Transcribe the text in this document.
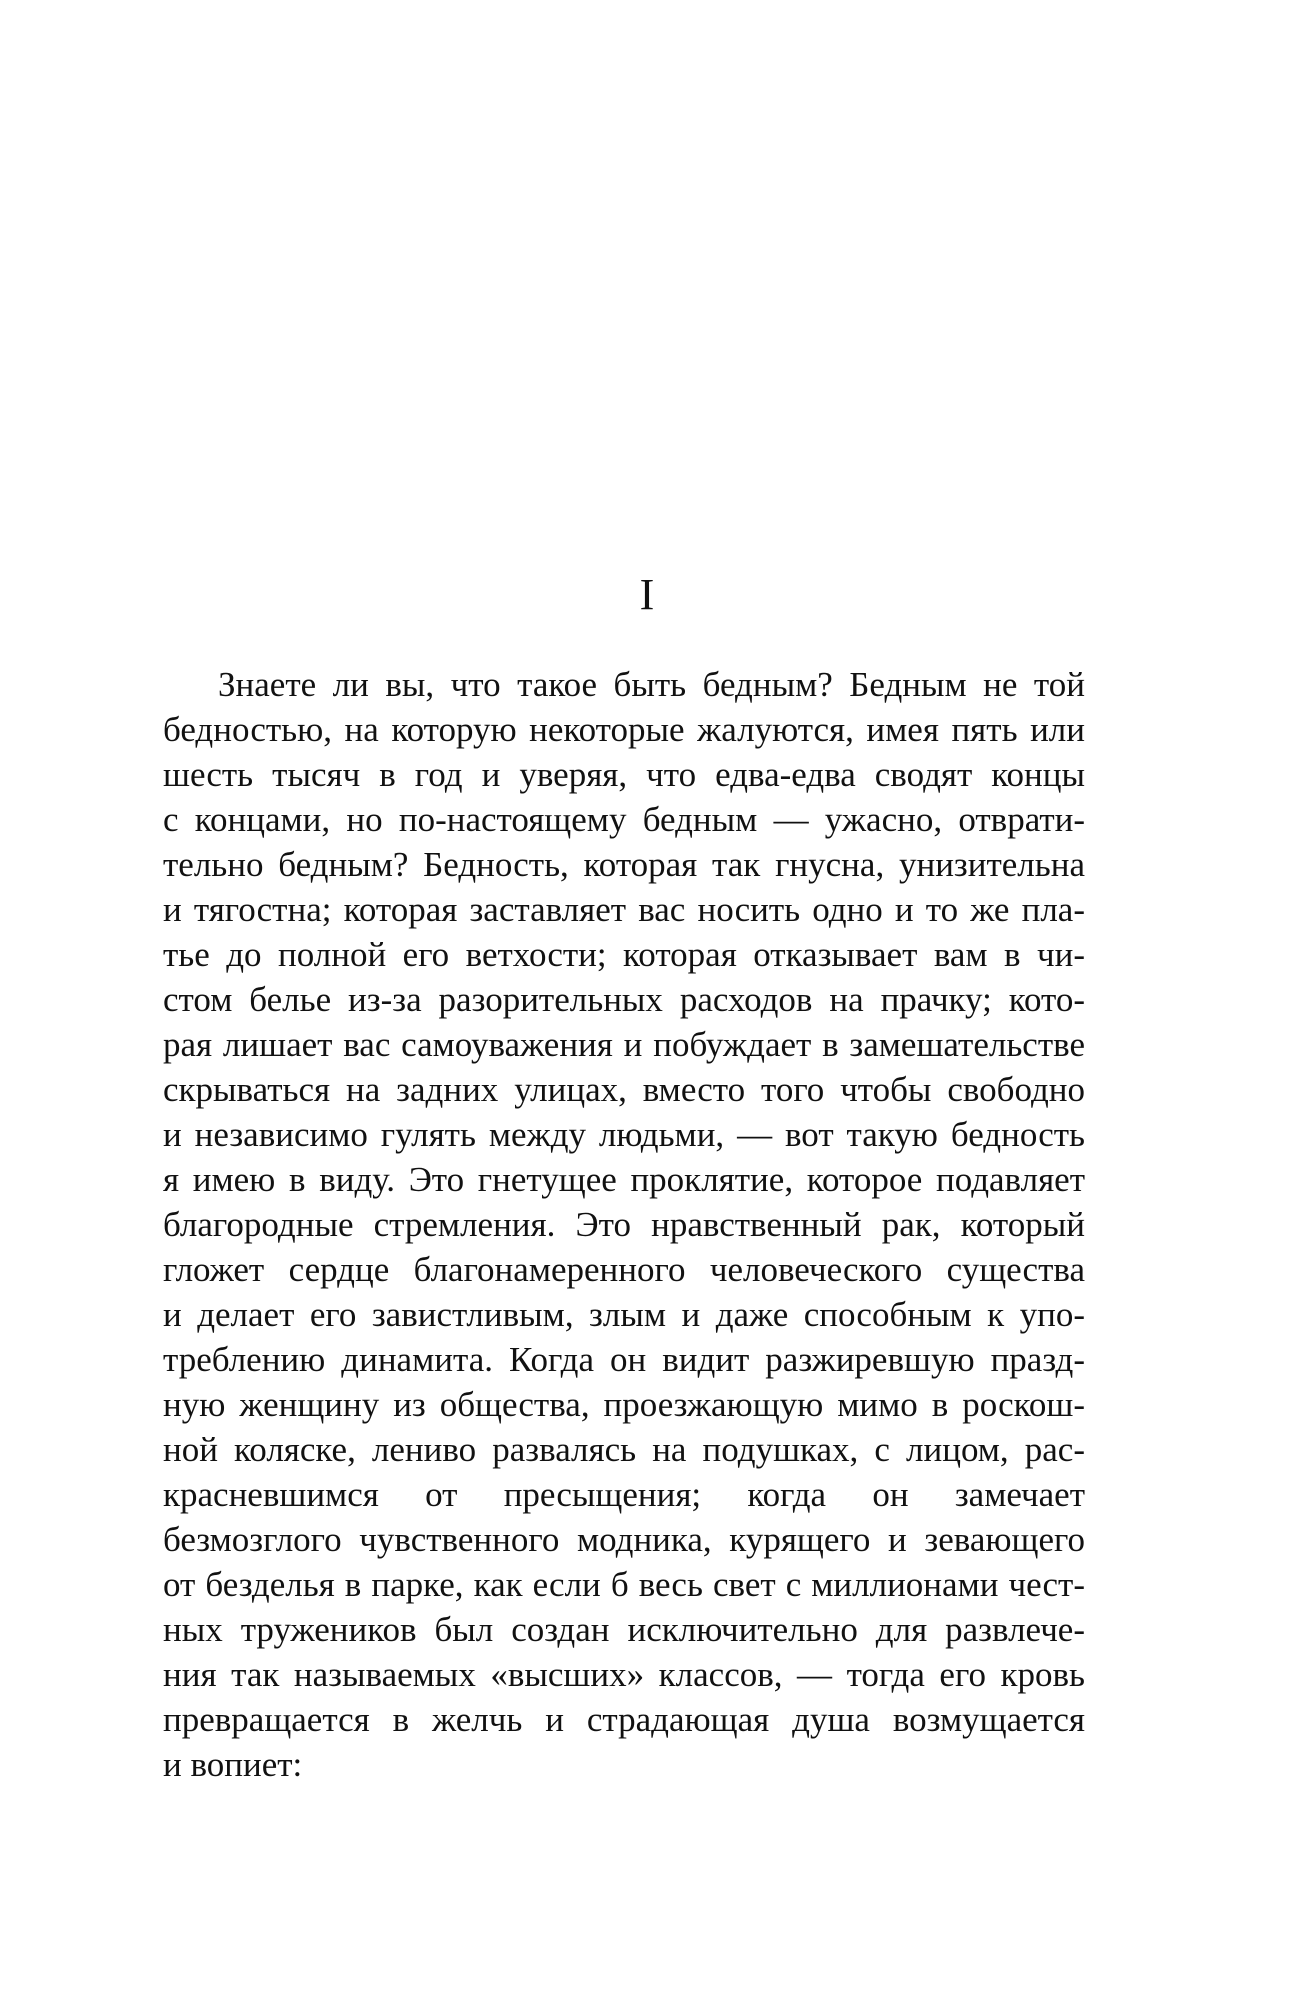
I
Знаете ли вы, что такое быть бедным? Бедным не той
бедностью, на которую некоторые жалуются, имея пять или
шесть тысяч в год и уверяя, что едва-едва сводят концы
с концами, но по-настоящему бедным — ужасно, отврати-
тельно бедным? Бедность, которая так гнусна, унизительна
и тягостна; которая заставляет вас носить одно и то же пла-
тье до полной его ветхости; которая отказывает вам в чи-
стом белье из-за разорительных расходов на прачку; кото-
рая лишает вас самоуважения и побуждает в замешательстве
скрываться на задних улицах, вместо того чтобы свободно
и независимо гулять между людьми, — вот такую бедность
я имею в виду. Это гнетущее проклятие, которое подавляет
благородные стремления. Это нравственный рак, который
гложет сердце благонамеренного человеческого существа
и делает его завистливым, злым и даже способным к упо-
треблению динамита. Когда он видит разжиревшую празд-
ную женщину из общества, проезжающую мимо в роскош-
ной коляске, лениво развалясь на подушках, с лицом, рас-
красневшимся от пресыщения; когда он замечает
безмозглого чувственного модника, курящего и зевающего
от безделья в парке, как если б весь свет с миллионами чест-
ных тружеников был создан исключительно для развлече-
ния так называемых «высших» классов, — тогда его кровь
превращается в желчь и страдающая душа возмущается
и вопиет:
